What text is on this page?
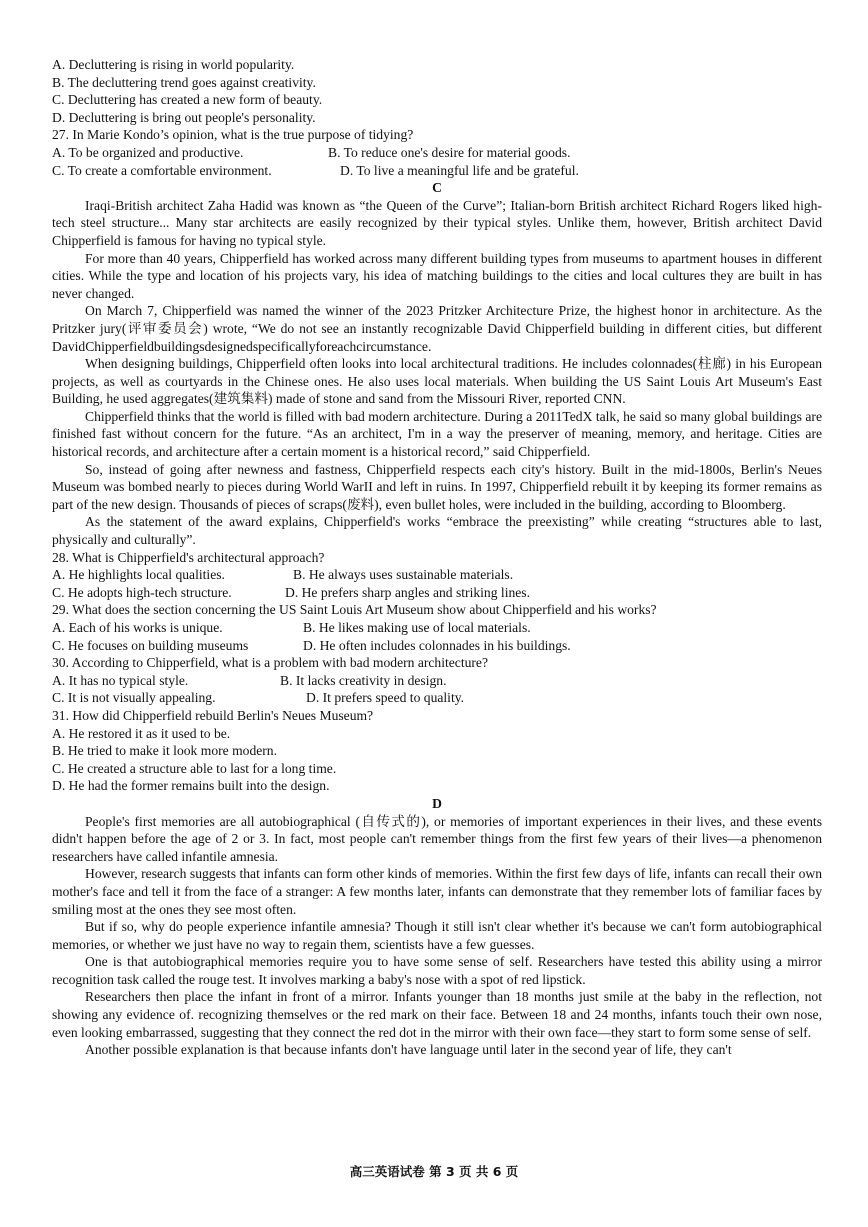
A. Decluttering is rising in world popularity.
B. The decluttering trend goes against creativity.
C. Decluttering has created a new form of beauty.
D. Decluttering is bring out people's personality.
27. In Marie Kondo’s opinion, what is the true purpose of tidying?
A. To be organized and productive.	B. To reduce one's desire for material goods.
C. To create a comfortable environment.	D. To live a meaningful life and be grateful.

C

Iraqi-British architect Zaha Hadid was known as “the Queen of the Curve”; Italian-born British architect Richard Rogers liked high-tech steel structure... Many star architects are easily recognized by their typical styles. Unlike them, however, British architect David Chipperfield is famous for having no typical style.

For more than 40 years, Chipperfield has worked across many different building types from museums to apartment houses in different cities. While the type and location of his projects vary, his idea of matching buildings to the cities and local cultures they are built in has never changed.

On March 7, Chipperfield was named the winner of the 2023 Pritzker Architecture Prize, the highest honor in architecture. As the Pritzker jury(评审委员会) wrote, “We do not see an instantly recognizable David Chipperfield building in different cities, but different DavidChipperfieldbuildingsdesignedspecificallyforeachcircumstance.

When designing buildings, Chipperfield often looks into local architectural traditions. He includes colonnades(柱廊) in his European projects, as well as courtyards in the Chinese ones. He also uses local materials. When building the US Saint Louis Art Museum's East Building, he used aggregates(建筑集料) made of stone and sand from the Missouri River, reported CNN.

Chipperfield thinks that the world is filled with bad modern architecture. During a 2011TedX talk, he said so many global buildings are finished fast without concern for the future. “As an architect, I'm in a way the preserver of meaning, memory, and heritage. Cities are historical records, and architecture after a certain moment is a historical record,” said Chipperfield.

So, instead of going after newness and fastness, Chipperfield respects each city's history. Built in the mid-1800s, Berlin's Neues Museum was bombed nearly to pieces during World WarII and left in ruins. In 1997, Chipperfield rebuilt it by keeping its former remains as part of the new design. Thousands of pieces of scraps(废料), even bullet holes, were included in the building, according to Bloomberg.

As the statement of the award explains, Chipperfield's works “embrace the preexisting” while creating “structures able to last, physically and culturally”.

28. What is Chipperfield's architectural approach?
A. He highlights local qualities.	B. He always uses sustainable materials.
C. He adopts high-tech structure.	D. He prefers sharp angles and striking lines.
29. What does the section concerning the US Saint Louis Art Museum show about Chipperfield and his works?
A. Each of his works is unique.	B. He likes making use of local materials.
C. He focuses on building museums	D. He often includes colonnades in his buildings.
30. According to Chipperfield, what is a problem with bad modern architecture?
A. It has no typical style.	B. It lacks creativity in design.
C. It is not visually appealing.	D. It prefers speed to quality.
31. How did Chipperfield rebuild Berlin's Neues Museum?
A. He restored it as it used to be.
B. He tried to make it look more modern.
C. He created a structure able to last for a long time.
D. He had the former remains built into the design.

D

People's first memories are all autobiographical (自传式的), or memories of important experiences in their lives, and these events didn't happen before the age of 2 or 3. In fact, most people can't remember things from the first few years of their lives—a phenomenon researchers have called infantile amnesia.

However, research suggests that infants can form other kinds of memories. Within the first few days of life, infants can recall their own mother's face and tell it from the face of a stranger: A few months later, infants can demonstrate that they remember lots of familiar faces by smiling most at the ones they see most often.

But if so, why do people experience infantile amnesia? Though it still isn't clear whether it's because we can't form autobiographical memories, or whether we just have no way to regain them, scientists have a few guesses.

One is that autobiographical memories require you to have some sense of self. Researchers have tested this ability using a mirror recognition task called the rouge test. It involves marking a baby's nose with a spot of red lipstick.

Researchers then place the infant in front of a mirror. Infants younger than 18 months just smile at the baby in the reflection, not showing any evidence of. recognizing themselves or the red mark on their face. Between 18 and 24 months, infants touch their own nose, even looking embarrassed, suggesting that they connect the red dot in the mirror with their own face—they start to form some sense of self.

Another possible explanation is that because infants don't have language until later in the second year of life, they can't

高三英语试卷 第 3 页 共 6 页
